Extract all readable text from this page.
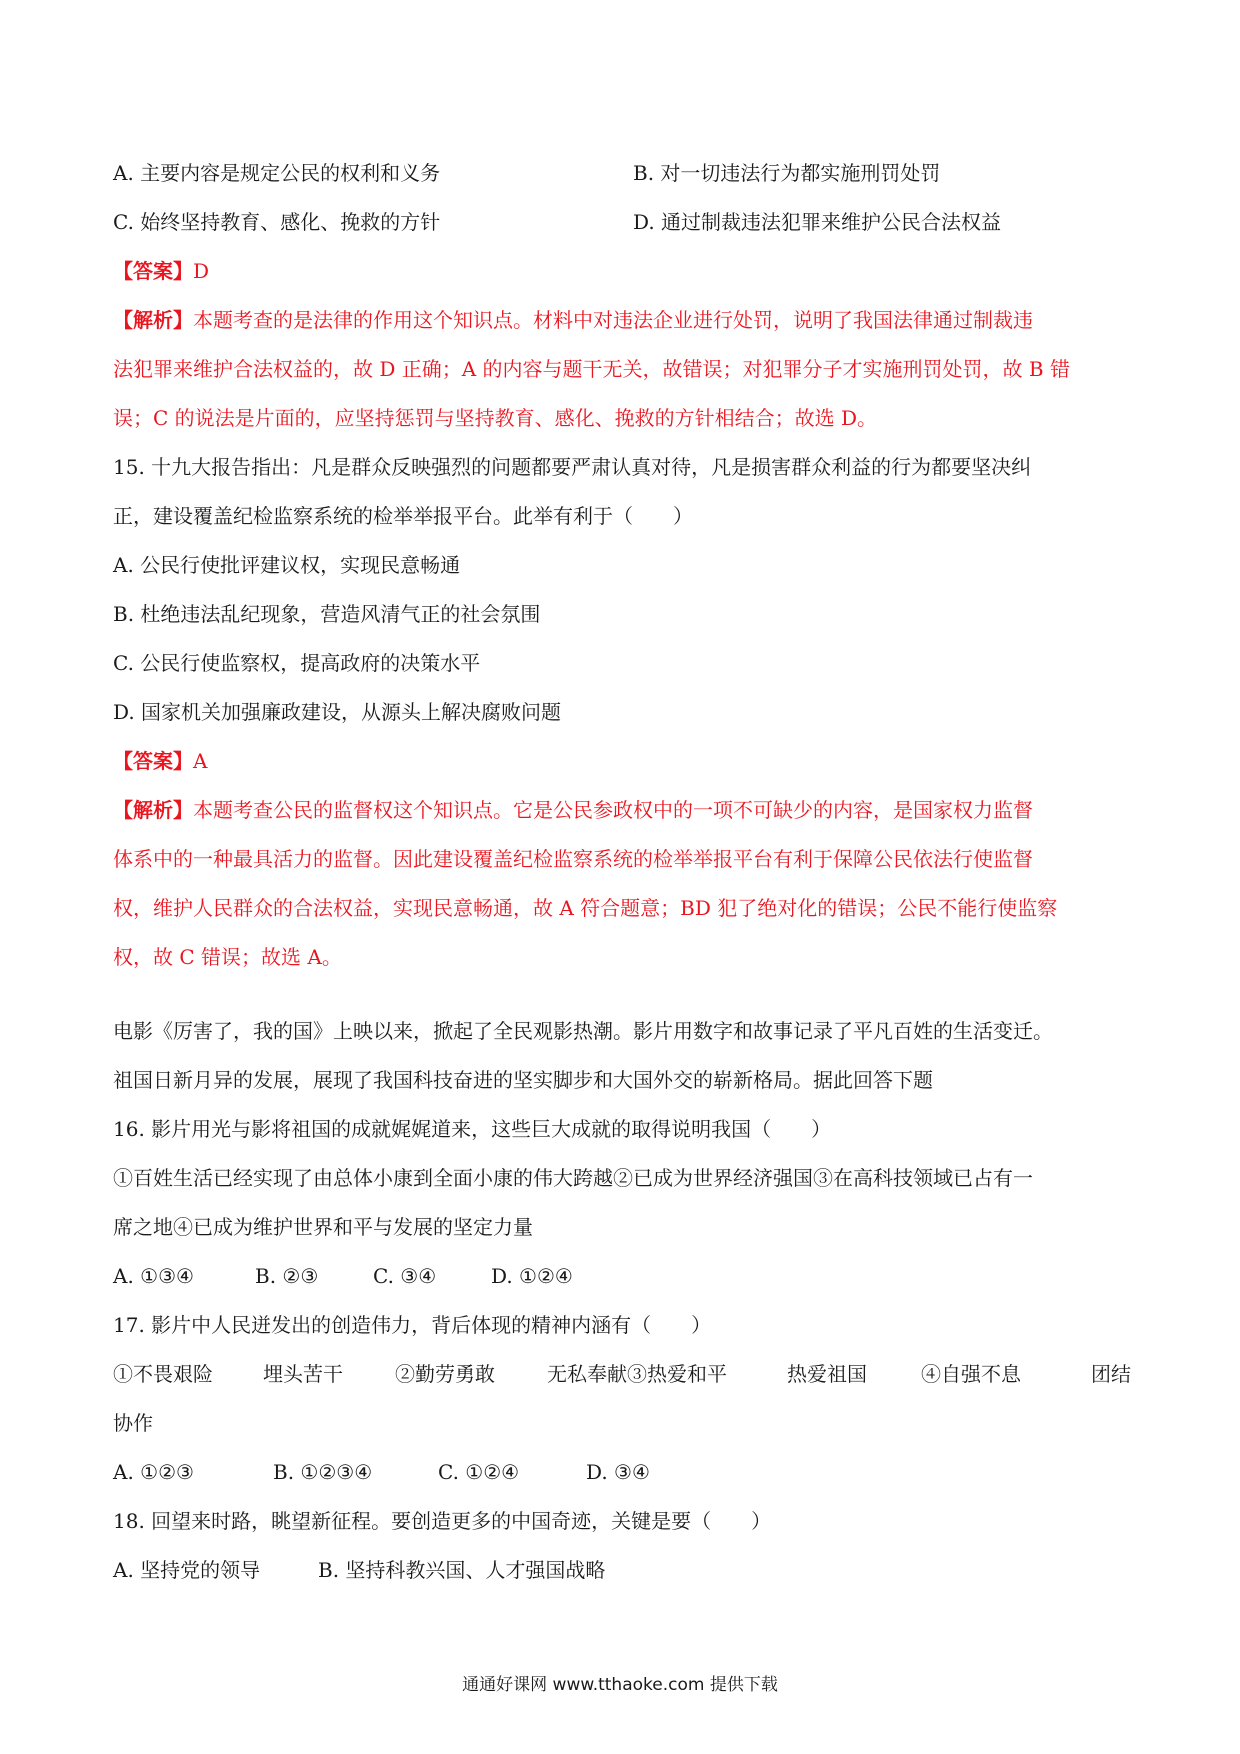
A. 主要内容是规定公民的权利和义务	B. 对一切违法行为都实施刑罚处罚
C. 始终坚持教育、感化、挽救的方针	D. 通过制裁违法犯罪来维护公民合法权益
【答案】D
【解析】本题考查的是法律的作用这个知识点。材料中对违法企业进行处罚，说明了我国法律通过制裁违
法犯罪来维护合法权益的，故 D 正确；A 的内容与题干无关，故错误；对犯罪分子才实施刑罚处罚，故 B 错
误；C 的说法是片面的，应坚持惩罚与坚持教育、感化、挽救的方针相结合；故选 D。
15. 十九大报告指出：凡是群众反映强烈的问题都要严肃认真对待，凡是损害群众利益的行为都要坚决纠
正，建设覆盖纪检监察系统的检举举报平台。此举有利于（　　）
A. 公民行使批评建议权，实现民意畅通
B. 杜绝违法乱纪现象，营造风清气正的社会氛围
C. 公民行使监察权，提高政府的决策水平
D. 国家机关加强廉政建设，从源头上解决腐败问题
【答案】A
【解析】本题考查公民的监督权这个知识点。它是公民参政权中的一项不可缺少的内容，是国家权力监督
体系中的一种最具活力的监督。因此建设覆盖纪检监察系统的检举举报平台有利于保障公民依法行使监督
权，维护人民群众的合法权益，实现民意畅通，故 A 符合题意；BD 犯了绝对化的错误；公民不能行使监察
权，故 C 错误；故选 A。
电影《厉害了，我的国》上映以来，掀起了全民观影热潮。影片用数字和故事记录了平凡百姓的生活变迁。
祖国日新月异的发展，展现了我国科技奋进的坚实脚步和大国外交的崭新格局。据此回答下题
16. 影片用光与影将祖国的成就娓娓道来，这些巨大成就的取得说明我国（　　）
①百姓生活已经实现了由总体小康到全面小康的伟大跨越②已成为世界经济强国③在高科技领域已占有一
席之地④已成为维护世界和平与发展的坚定力量
A. ①③④	B. ②③	C. ③④	D. ①②④
17. 影片中人民迸发出的创造伟力，背后体现的精神内涵有（　　）
①不畏艰险	埋头苦干	②勤劳勇敢	无私奉献③热爱和平	热爱祖国	④自强不息	团结
协作
A. ①②③	B. ①②③④	C. ①②④	D. ③④
18. 回望来时路，眺望新征程。要创造更多的中国奇迹，关键是要（　　）
A. 坚持党的领导	B. 坚持科教兴国、人才强国战略
通通好课网 www.tthaoke.com 提供下载
